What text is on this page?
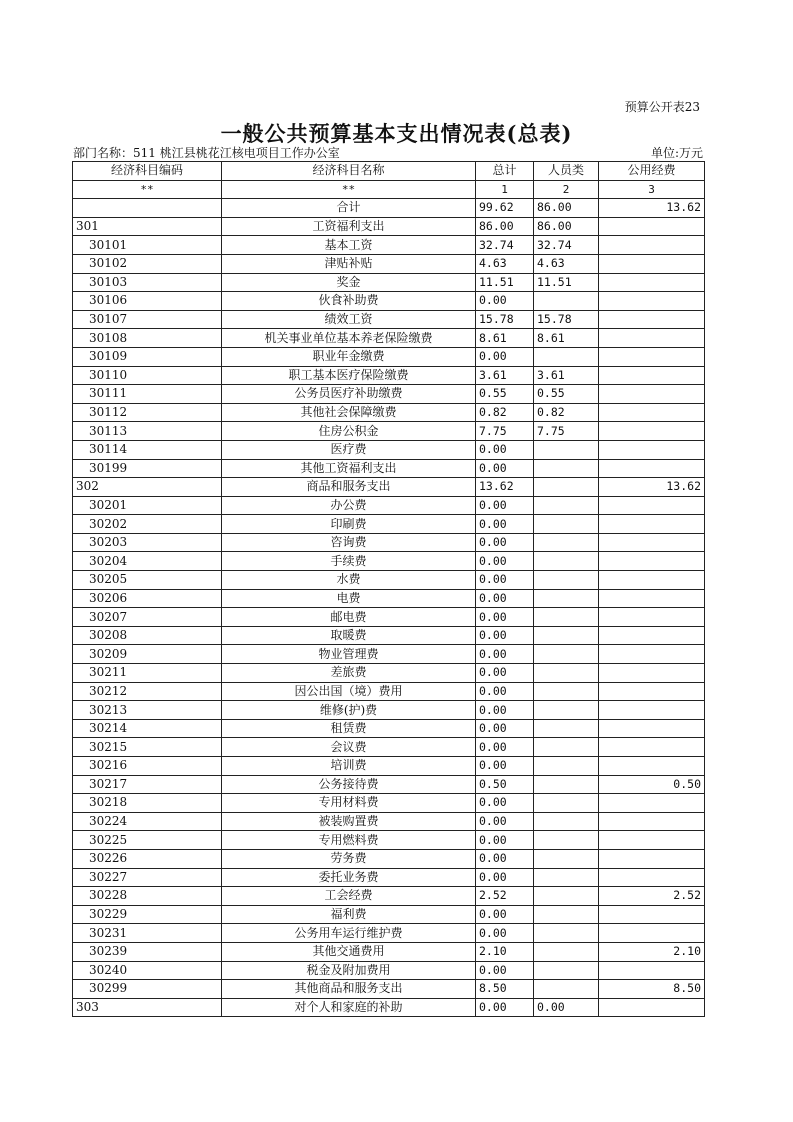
预算公开表23
一般公共预算基本支出情况表(总表)
部门名称：511 桃江县桃花江核电项目工作办公室	单位:万元
经济科目编码	经济科目名称	总计	人员类	公用经费
**	**	1	2	3
	合计	99.62	86.00	13.62
301	工资福利支出	86.00	86.00	
30101	基本工资	32.74	32.74	
30102	津贴补贴	4.63	4.63	
30103	奖金	11.51	11.51	
30106	伙食补助费	0.00		
30107	绩效工资	15.78	15.78	
30108	机关事业单位基本养老保险缴费	8.61	8.61	
30109	职业年金缴费	0.00		
30110	职工基本医疗保险缴费	3.61	3.61	
30111	公务员医疗补助缴费	0.55	0.55	
30112	其他社会保障缴费	0.82	0.82	
30113	住房公积金	7.75	7.75	
30114	医疗费	0.00		
30199	其他工资福利支出	0.00		
302	商品和服务支出	13.62		13.62
30201	办公费	0.00		
30202	印刷费	0.00		
30203	咨询费	0.00		
30204	手续费	0.00		
30205	水费	0.00		
30206	电费	0.00		
30207	邮电费	0.00		
30208	取暖费	0.00		
30209	物业管理费	0.00		
30211	差旅费	0.00		
30212	因公出国（境）费用	0.00		
30213	维修(护)费	0.00		
30214	租赁费	0.00		
30215	会议费	0.00		
30216	培训费	0.00		
30217	公务接待费	0.50		0.50
30218	专用材料费	0.00		
30224	被装购置费	0.00		
30225	专用燃料费	0.00		
30226	劳务费	0.00		
30227	委托业务费	0.00		
30228	工会经费	2.52		2.52
30229	福利费	0.00		
30231	公务用车运行维护费	0.00		
30239	其他交通费用	2.10		2.10
30240	税金及附加费用	0.00		
30299	其他商品和服务支出	8.50		8.50
303	对个人和家庭的补助	0.00	0.00	
